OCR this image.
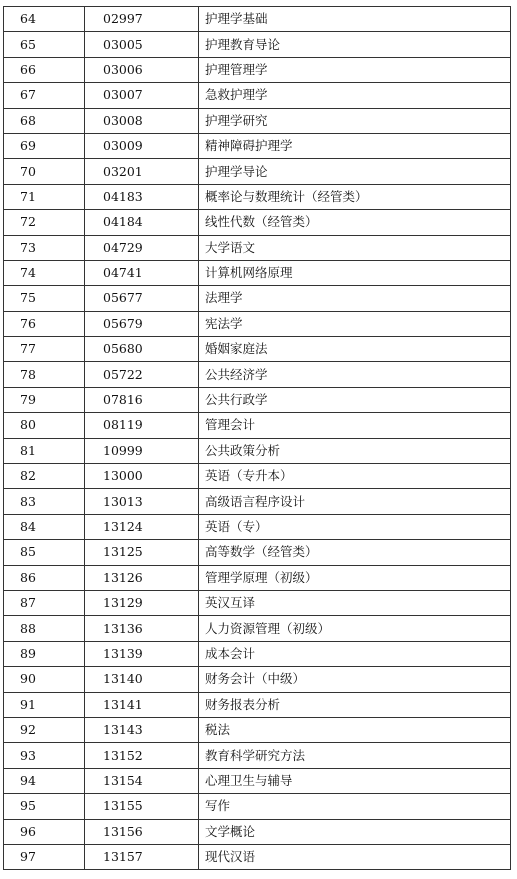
64	02997	护理学基础
65	03005	护理教育导论
66	03006	护理管理学
67	03007	急救护理学
68	03008	护理学研究
69	03009	精神障碍护理学
70	03201	护理学导论
71	04183	概率论与数理统计（经管类）
72	04184	线性代数（经管类）
73	04729	大学语文
74	04741	计算机网络原理
75	05677	法理学
76	05679	宪法学
77	05680	婚姻家庭法
78	05722	公共经济学
79	07816	公共行政学
80	08119	管理会计
81	10999	公共政策分析
82	13000	英语（专升本）
83	13013	高级语言程序设计
84	13124	英语（专）
85	13125	高等数学（经管类）
86	13126	管理学原理（初级）
87	13129	英汉互译
88	13136	人力资源管理（初级）
89	13139	成本会计
90	13140	财务会计（中级）
91	13141	财务报表分析
92	13143	税法
93	13152	教育科学研究方法
94	13154	心理卫生与辅导
95	13155	写作
96	13156	文学概论
97	13157	现代汉语
